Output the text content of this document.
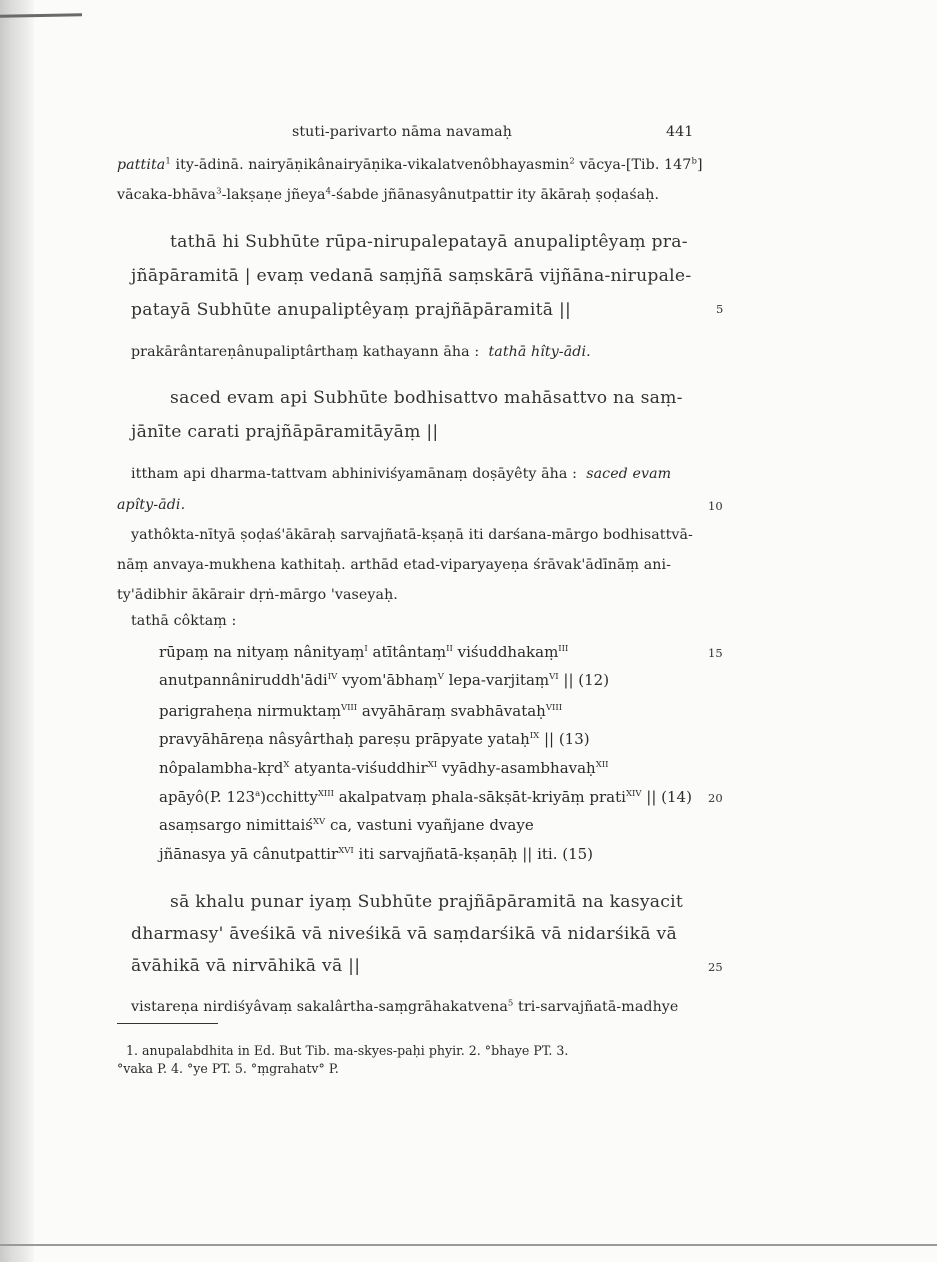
stuti-parivarto nāma navamaḥ	441
pattita$^1$ ity-ādinā. nairyāṇikânairyāṇika-vikalatvenôbhayasmin$^2$ vācya-[Tib. 147$^b$]
vācaka-bhāva$^3$-lakṣaṇe jñeya$^4$-śabde jñānasyânutpattir ity ākāraḥ ṣoḍaśaḥ.
tathā hi Subhūte rūpa-nirupalepatayā anupaliptêyaṃ pra-
jñāpāramitā | evaṃ vedanā saṃjñā saṃskārā vijñāna-nirupale-
patayā Subhūte anupaliptêyaṃ prajñāpāramitā ||	5
prakārântareṇânupaliptârthaṃ kathayann āha : tathā hîty-ādi.
saced evam api Subhūte bodhisattvo mahāsattvo na saṃ-
jānīte carati prajñāpāramitāyāṃ ||
ittham api dharma-tattvam abhiniviśyamānaṃ doṣāyêty āha : saced evam
apîty-ādi.	10
yathôkta-nītyā ṣoḍaś'ākāraḥ sarvajñatā-kṣaṇā iti darśana-mārgo bodhisattvā-
nāṃ anvaya-mukhena kathitaḥ. arthād etad-viparyayeṇa śrāvak'ādīnāṃ ani-
ty'ādibhir ākārair dṛṅ-mārgo 'vaseyaḥ.
tathā côktaṃ :
rūpaṃ na nityaṃ nânityaṃ$^I$ atītântaṃ$^{II}$ viśuddhakaṃ$^{III}$	15
anutpannâniruddh'ādi$^{IV}$ vyom'ābhaṃ$^V$ lepa-varjitaṃ$^{VI}$ || (12)
parigraheṇa nirmuktaṃ$^{VIII}$ avyāhāraṃ svabhāvataḥ$^{VIII}$
pravyāhāreṇa nâsyârthaḥ pareṣu prāpyate yataḥ$^{IX}$ || (13)
nôpalambha-kṛd$^X$ atyanta-viśuddhir$^{XI}$ vyādhy-asambhavaḥ$^{XII}$
apāyô(P. 123$^a$)cchitty$^{XIII}$ akalpatvaṃ phala-sākṣāt-kriyāṃ prati$^{XIV}$ || (14) 20
asaṃsargo nimittaiś$^{XV}$ ca, vastuni vyañjane dvaye
jñānasya yā cânutpattir$^{XVI}$ iti sarvajñatā-kṣaṇāḥ || iti. (15)
sā khalu punar iyaṃ Subhūte prajñāpāramitā na kasyacit
dharmasy' āveśikā vā niveśikā vā saṃdarśikā vā nidarśikā vā
āvāhikā vā nirvāhikā vā ||	25
vistareṇa nirdiśyâvaṃ sakalârtha-saṃgrāhakatvena$^5$ tri-sarvajñatā-madhye
1. anupalabdhita in Ed. But Tib. ma-skyes-paḥi phyir. 2. °bhaye PT. 3.
°vaka P. 4. °ye PT. 5. °ṃgrahatv° P.
